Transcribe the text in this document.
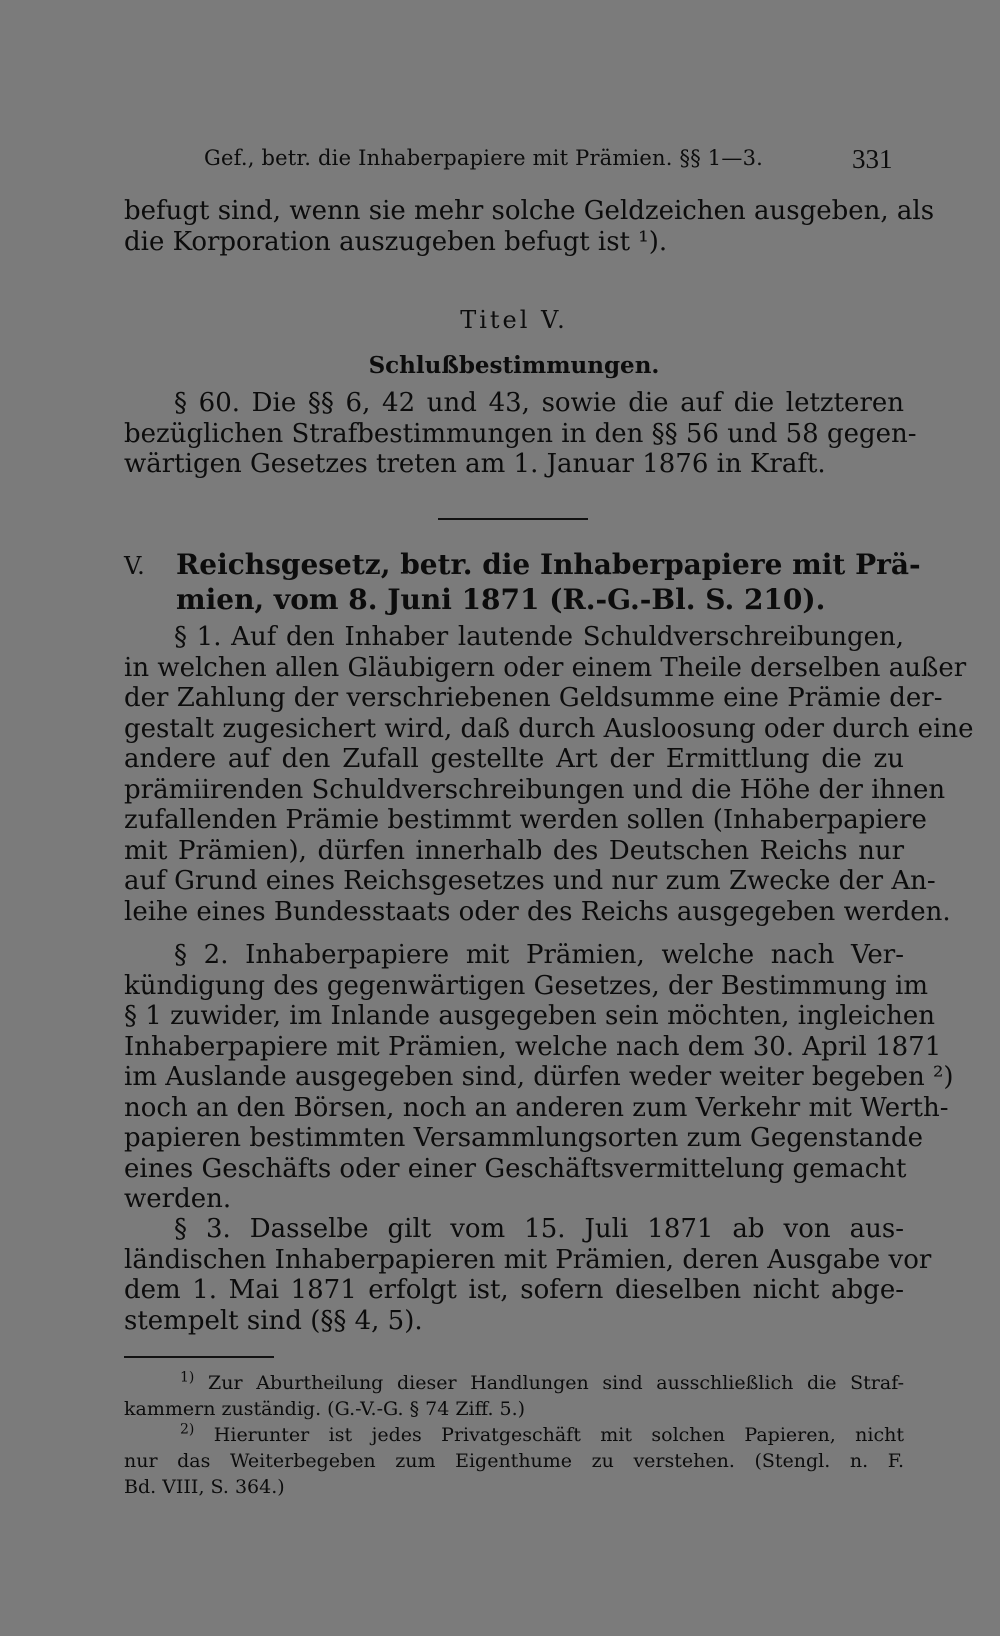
Gef., betr. die Inhaberpapiere mit Prämien. §§ 1—3.	331
befugt sind, wenn sie mehr solche Geldzeichen ausgeben, als
die Korporation auszugeben befugt ist ¹).
Titel V.
Schlußbestimmungen.
§ 60. Die §§ 6, 42 und 43, sowie die auf die letzteren
bezüglichen Strafbestimmungen in den §§ 56 und 58 gegen-
wärtigen Gesetzes treten am 1. Januar 1876 in Kraft.
V. Reichsgesetz, betr. die Inhaberpapiere mit Prä-
mien, vom 8. Juni 1871 (R.-G.-Bl. S. 210).
§ 1. Auf den Inhaber lautende Schuldverschreibungen,
in welchen allen Gläubigern oder einem Theile derselben außer
der Zahlung der verschriebenen Geldsumme eine Prämie der-
gestalt zugesichert wird, daß durch Ausloosung oder durch eine
andere auf den Zufall gestellte Art der Ermittlung die zu
prämiirenden Schuldverschreibungen und die Höhe der ihnen
zufallenden Prämie bestimmt werden sollen (Inhaberpapiere
mit Prämien), dürfen innerhalb des Deutschen Reichs nur
auf Grund eines Reichsgesetzes und nur zum Zwecke der An-
leihe eines Bundesstaats oder des Reichs ausgegeben werden.
§ 2. Inhaberpapiere mit Prämien, welche nach Ver-
kündigung des gegenwärtigen Gesetzes, der Bestimmung im
§ 1 zuwider, im Inlande ausgegeben sein möchten, ingleichen
Inhaberpapiere mit Prämien, welche nach dem 30. April 1871
im Auslande ausgegeben sind, dürfen weder weiter begeben ²)
noch an den Börsen, noch an anderen zum Verkehr mit Werth-
papieren bestimmten Versammlungsorten zum Gegenstande
eines Geschäfts oder einer Geschäftsvermittelung gemacht
werden.
§ 3. Dasselbe gilt vom 15. Juli 1871 ab von aus-
ländischen Inhaberpapieren mit Prämien, deren Ausgabe vor
dem 1. Mai 1871 erfolgt ist, sofern dieselben nicht abge-
stempelt sind (§§ 4, 5).
$^{1)}$ Zur Aburtheilung dieser Handlungen sind ausschließlich die Straf-
kammern zuständig. (G.-V.-G. § 74 Ziff. 5.)
$^{2)}$ Hierunter ist jedes Privatgeschäft mit solchen Papieren, nicht
nur das Weiterbegeben zum Eigenthume zu verstehen. (Stengl. n. F.
Bd. VIII, S. 364.)
